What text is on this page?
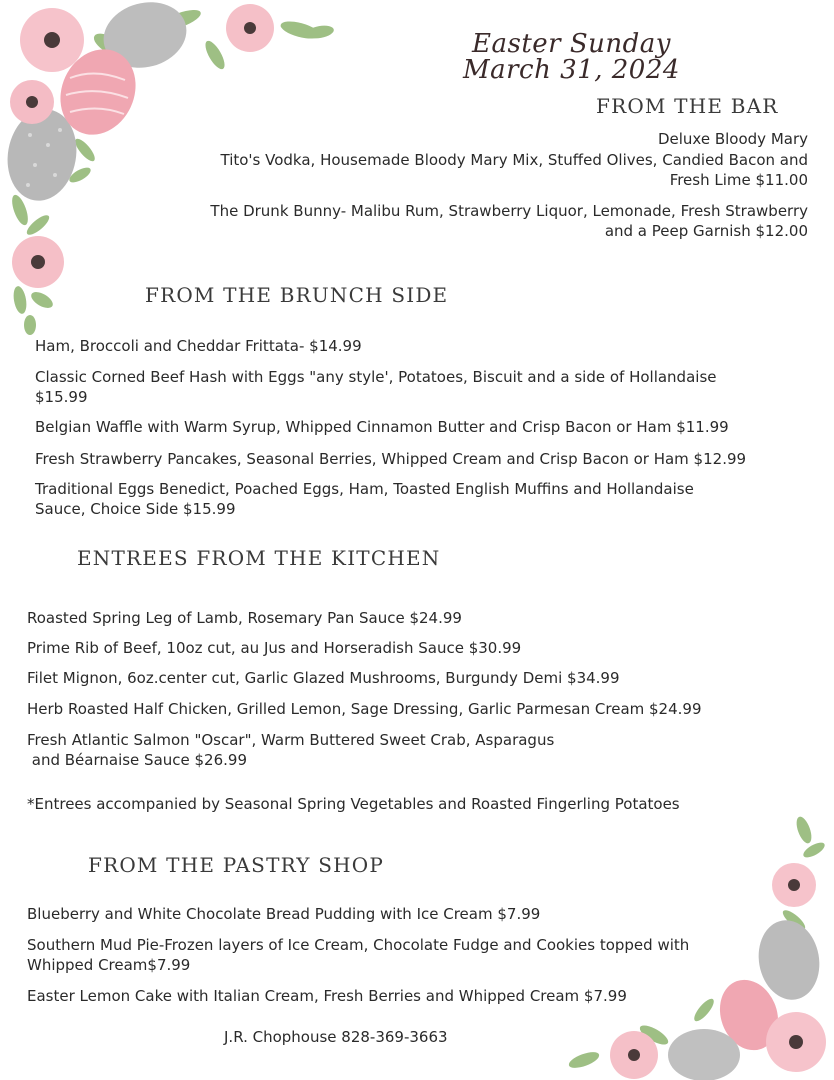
Easter Sunday
March 31, 2024
FROM THE BAR
Deluxe Bloody Mary
Tito's Vodka, Housemade Bloody Mary Mix, Stuffed Olives, Candied Bacon and
Fresh Lime $11.00
The Drunk Bunny- Malibu Rum, Strawberry Liquor, Lemonade, Fresh Strawberry
and a Peep Garnish $12.00
FROM THE BRUNCH SIDE
Ham, Broccoli and Cheddar Frittata- $14.99
Classic Corned Beef Hash with Eggs "any style', Potatoes, Biscuit and a side of Hollandaise
$15.99
Belgian Waffle with Warm Syrup, Whipped Cinnamon Butter and Crisp Bacon or Ham $11.99
Fresh Strawberry Pancakes, Seasonal Berries, Whipped Cream and Crisp Bacon or Ham $12.99
Traditional Eggs Benedict, Poached Eggs, Ham, Toasted English Muffins and Hollandaise
Sauce, Choice Side $15.99
ENTREES FROM THE KITCHEN
Roasted Spring Leg of Lamb, Rosemary Pan Sauce $24.99
Prime Rib of Beef, 10oz cut, au Jus and Horseradish Sauce $30.99
Filet Mignon, 6oz.center cut, Garlic Glazed Mushrooms, Burgundy Demi $34.99
Herb Roasted Half Chicken, Grilled Lemon, Sage Dressing, Garlic Parmesan Cream $24.99
Fresh Atlantic Salmon "Oscar", Warm Buttered Sweet Crab, Asparagus
and Béarnaise Sauce $26.99
*Entrees accompanied by Seasonal Spring Vegetables and Roasted Fingerling Potatoes
FROM THE PASTRY SHOP
Blueberry and White Chocolate Bread Pudding with Ice Cream $7.99
Southern Mud Pie-Frozen layers of Ice Cream, Chocolate Fudge and Cookies topped with
Whipped Cream$7.99
Easter Lemon Cake with Italian Cream, Fresh Berries and Whipped Cream $7.99
J.R. Chophouse 828-369-3663
